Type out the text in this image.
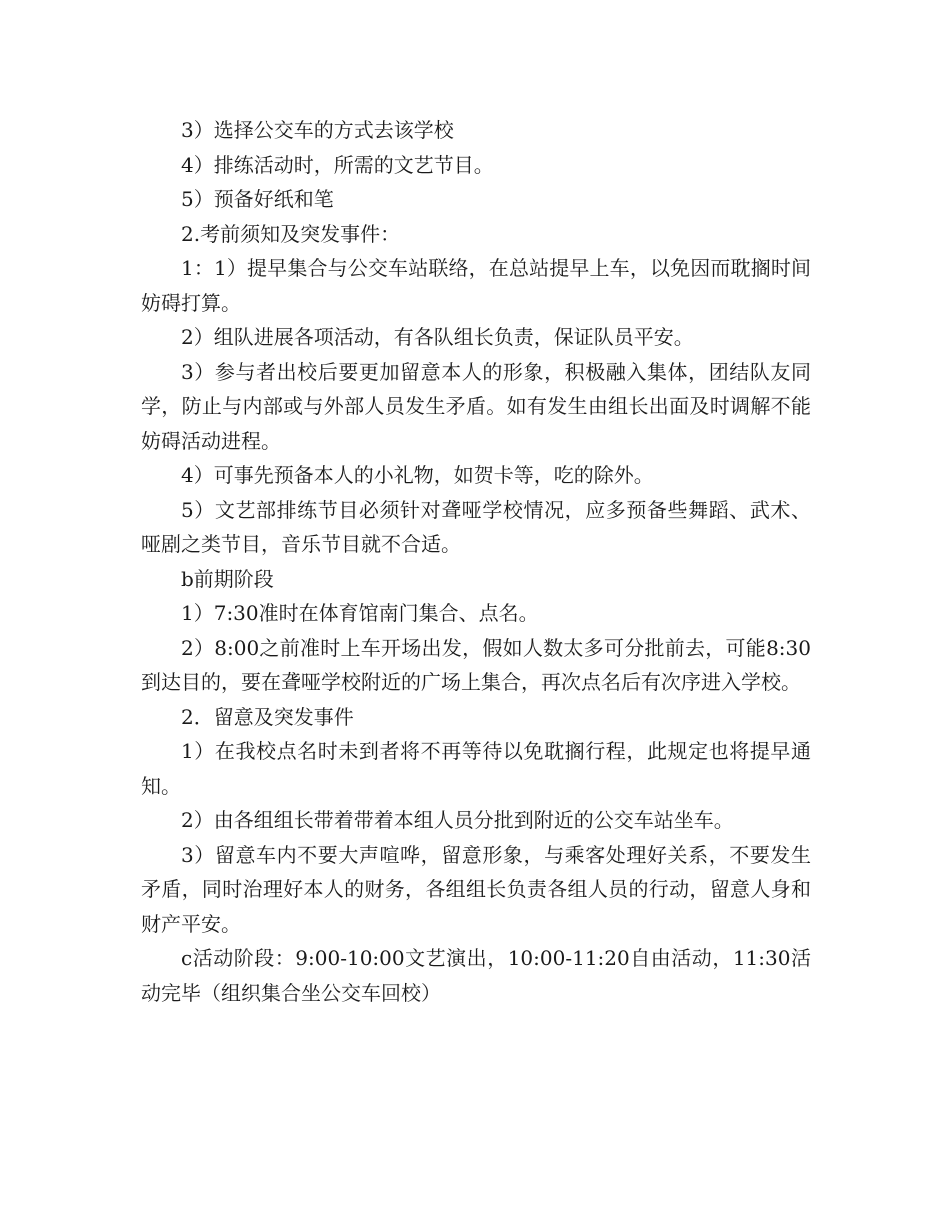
3）选择公交车的方式去该学校

4）排练活动时，所需的文艺节目。

5）预备好纸和笔

2.考前须知及突发事件：

1：1）提早集合与公交车站联络，在总站提早上车，以免因而耽搁时间妨碍打算。

2）组队进展各项活动，有各队组长负责，保证队员平安。

3）参与者出校后要更加留意本人的形象，积极融入集体，团结队友同学，防止与内部或与外部人员发生矛盾。如有发生由组长出面及时调解不能妨碍活动进程。

4）可事先预备本人的小礼物，如贺卡等，吃的除外。

5）文艺部排练节目必须针对聋哑学校情况，应多预备些舞蹈、武术、哑剧之类节目，音乐节目就不合适。

b前期阶段

1）7:30准时在体育馆南门集合、点名。

2）8:00之前准时上车开场出发，假如人数太多可分批前去，可能8:30到达目的，要在聋哑学校附近的广场上集合，再次点名后有次序进入学校。

2．留意及突发事件

1）在我校点名时未到者将不再等待以免耽搁行程，此规定也将提早通知。

2）由各组组长带着带着本组人员分批到附近的公交车站坐车。

3）留意车内不要大声喧哗，留意形象，与乘客处理好关系，不要发生矛盾，同时治理好本人的财务，各组组长负责各组人员的行动，留意人身和财产平安。

c活动阶段：9:00-10:00文艺演出，10:00-11:20自由活动，11:30活动完毕（组织集合坐公交车回校）
